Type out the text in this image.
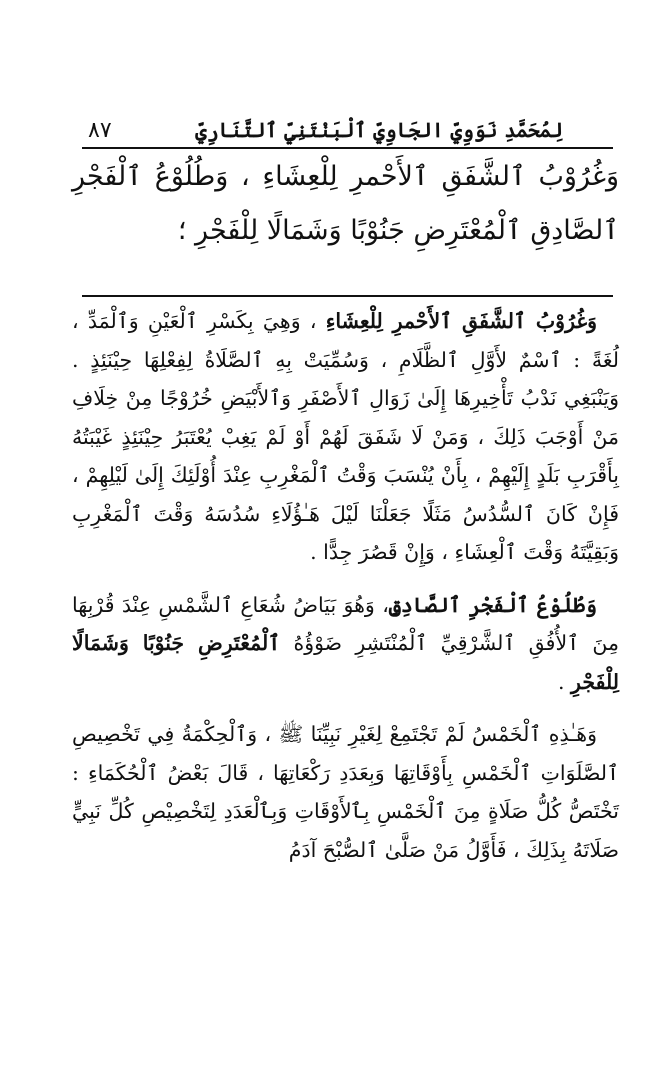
٨٧	لِمُحَمَّدِ نَوَوِيِّ الجَاوِيِّ ٱلْبَنْتَنِيِّ ٱلتَّنَارِيِّ
وَغُرُوْبُ ٱلشَّفَقِ ٱلأَحْمرِ لِلْعِشَاءِ ، وَطُلُوْعُ ٱلْفَجْرِ ٱلصَّادِقِ ٱلْمُعْتَرِضِ جَنُوْبًا وَشَمَالًا لِلْفَجْرِ ؛

وَغُرُوْبُ ٱلشَّفَقِ ٱلأَحْمرِ لِلْعِشَاءِ ، وَهِيَ بِكَسْرِ ٱلْعَيْنِ وَٱلْمَدِّ ، لُغَةً : ٱسْمٌ لأَوَّلِ ٱلظَّلَامِ ، وَسُمِّيَتْ بِهِ ٱلصَّلَاةُ لِفِعْلِهَا حِيْنَئِذٍ . وَيَنْبَغِي نَدْبُ تَأْخِيرِهَا إِلَىٰ زَوَالِ ٱلأَصْفَرِ وَٱلأَبْيَضِ خُرُوْجًا مِنْ خِلَافِ مَنْ أَوْجَبَ ذَلِكَ ، وَمَنْ لَا شَفَقَ لَهُمْ أَوْ لَمْ يَغِبْ يُعْتَبَرُ حِيْنَئِذٍ غَيْبَتُهُ بِأَقْرَبِ بَلَدٍ إِلَيْهِمْ ، بِأَنْ يُنْسَبَ وَقْتُ ٱلْمَغْرِبِ عِنْدَ أُوْلَئِكَ إِلَىٰ لَيْلِهِمْ ، فَإِنْ كَانَ ٱلسُّدُسُ مَثَلًا جَعَلْنَا لَيْلَ هَـٰؤُلَاءِ سُدُسَهُ وَقْتَ ٱلْمَغْرِبِ وَبَقِيَّتَهُ وَقْتَ ٱلْعِشَاءِ ، وَإِنْ قَصُرَ جِدًّا .

وَطُلُوْعُ ٱلْفَجْرِ ٱلصَّادِقِ، وَهُوَ بَيَاضُ شُعَاعِ ٱلشَّمْسِ عِنْدَ قُرْبِهَا مِنَ ٱلأُفُقِ ٱلشَّرْقِيِّ ٱلْمُنْتَشِرِ ضَوْؤُهُ ٱلْمُعْتَرِضِ جَنُوْبًا وَشَمَالًا لِلْفَجْرِ .

وَهَـٰذِهِ ٱلْخَمْسُ لَمْ تَجْتَمِعْ لِغَيْرِ نَبِيِّنَا ﷺ ، وَٱلْحِكْمَةُ فِي تَخْصِيصِ ٱلصَّلَوَاتِ ٱلْخَمْسِ بِأَوْقَاتِهَا وَبِعَدَدِ رَكْعَاتِهَا ، قَالَ بَعْضُ ٱلْحُكَمَاءِ : تَخْتَصُّ كُلُّ صَلَاةٍ مِنَ ٱلْخَمْسِ بِٱلأَوْقَاتِ وَبِٱلْعَدَدِ لِتَخْصِيْصِ كُلِّ نَبِيٍّ صَلَاتَهُ بِذَلِكَ ، فَأَوَّلُ مَنْ صَلَّىٰ ٱلصُّبْحَ آدَمُ
